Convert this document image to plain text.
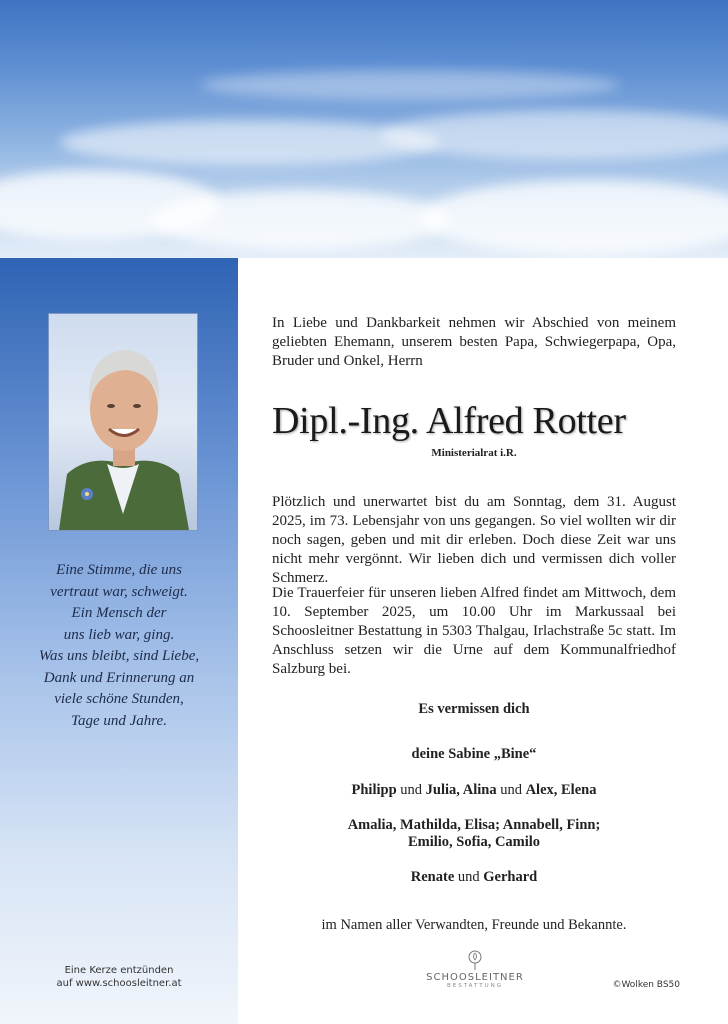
Eine Stimme, die uns
vertraut war, schweigt.
Ein Mensch der
uns lieb war, ging.
Was uns bleibt, sind Liebe,
Dank und Erinnerung an
viele schöne Stunden,
Tage und Jahre.
Eine Kerze entzünden
auf www.schoosleitner.at
In Liebe und Dankbarkeit nehmen wir Abschied von meinem geliebten Ehemann, unserem besten Papa, Schwiegerpapa, Opa, Bruder und Onkel, Herrn
Dipl.-Ing. Alfred Rotter
Ministerialrat i.R.
Plötzlich und unerwartet bist du am Sonntag, dem 31. August 2025, im 73. Lebensjahr von uns gegangen. So viel wollten wir dir noch sagen, geben und mit dir erleben. Doch diese Zeit war uns nicht mehr vergönnt. Wir lieben dich und vermissen dich voller Schmerz.
Die Trauerfeier für unseren lieben Alfred findet am Mittwoch, dem 10. September 2025, um 10.00 Uhr im Markussaal bei Schoosleitner Bestattung in 5303 Thalgau, Irlachstraße 5c statt. Im Anschluss setzen wir die Urne auf dem Kommunalfriedhof Salzburg bei.
Es vermissen dich
deine Sabine „Bine“
Philipp und Julia, Alina und Alex, Elena
Amalia, Mathilda, Elisa; Annabell, Finn;
Emilio, Sofia, Camilo
Renate und Gerhard
im Namen aller Verwandten, Freunde und Bekannte.
SCHOOSLEITNER
BESTATTUNG	©Wolken BS50
